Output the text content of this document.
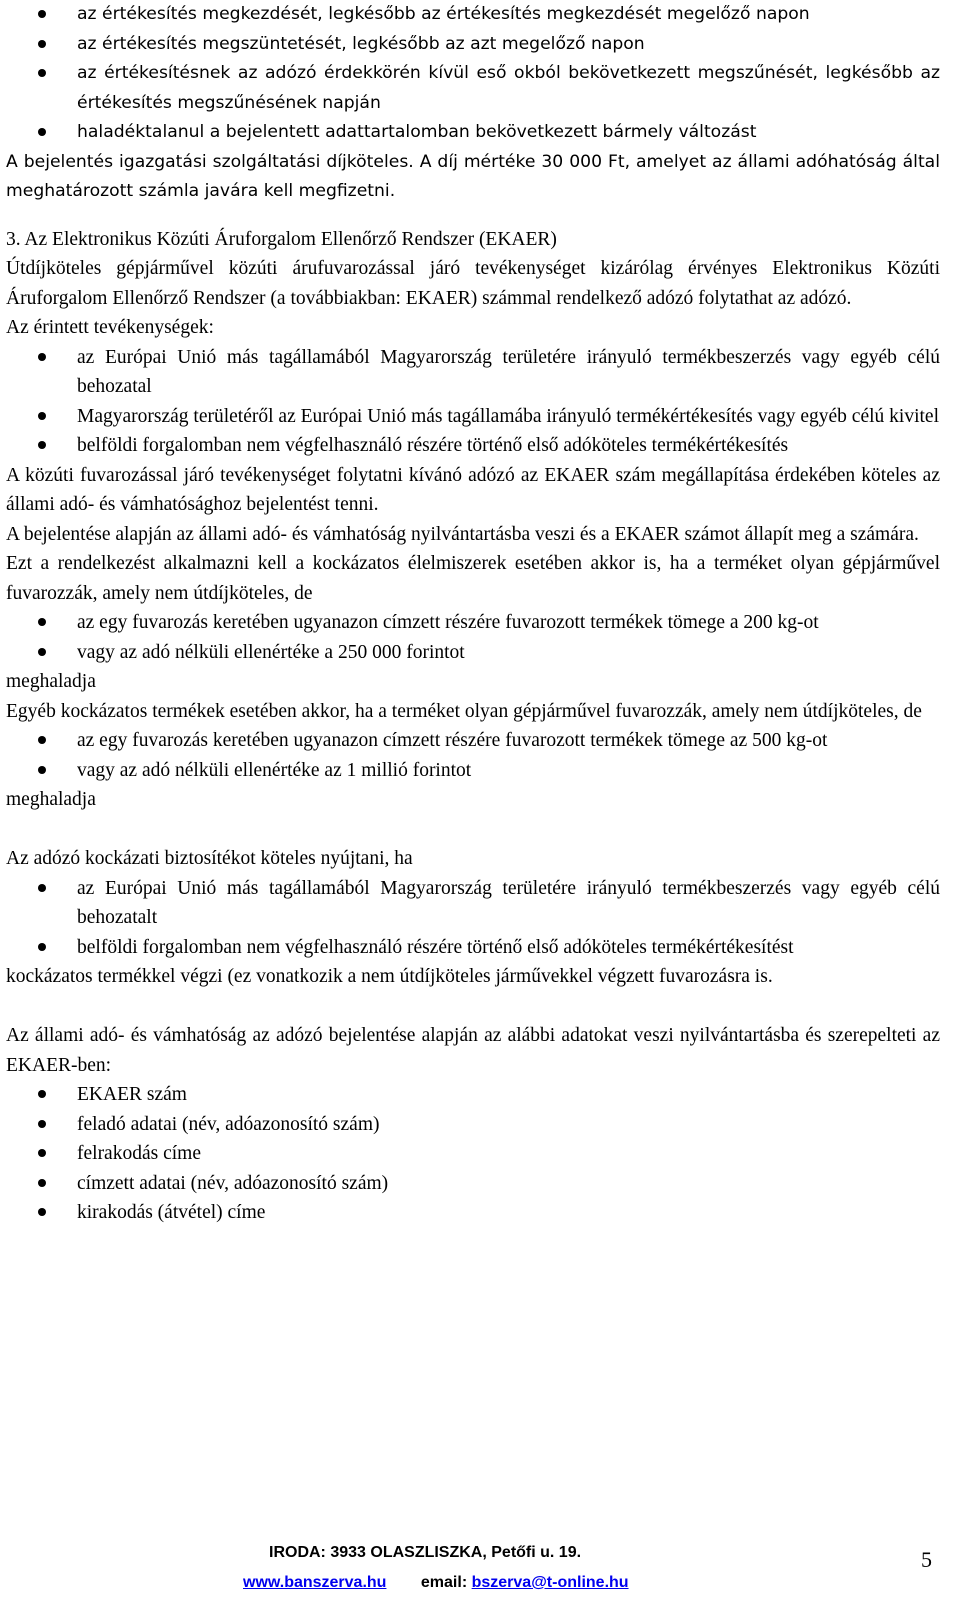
az értékesítés megkezdését, legkésőbb az értékesítés megkezdését megelőző napon
az értékesítés megszüntetését, legkésőbb az azt megelőző napon
az értékesítésnek az adózó érdekkörén kívül eső okból bekövetkezett megszűnését, legkésőbb az értékesítés megszűnésének napján
haladéktalanul a bejelentett adattartalomban bekövetkezett bármely változást

A bejelentés igazgatási szolgáltatási díjköteles. A díj mértéke 30 000 Ft, amelyet az állami adóhatóság által meghatározott számla javára kell megfizetni.

3. Az Elektronikus Közúti Áruforgalom Ellenőrző Rendszer (EKAER)

Útdíjköteles gépjárművel közúti árufuvarozással járó tevékenységet kizárólag érvényes Elektronikus Közúti Áruforgalom Ellenőrző Rendszer (a továbbiakban: EKAER) számmal rendelkező adózó folytathat az adózó.

Az érintett tevékenységek:

az Európai Unió más tagállamából Magyarország területére irányuló termékbeszerzés vagy egyéb célú behozatal
Magyarország területéről az Európai Unió más tagállamába irányuló termékértékesítés vagy egyéb célú kivitel
belföldi forgalomban nem végfelhasználó részére történő első adóköteles termékértékesítés

A közúti fuvarozással járó tevékenységet folytatni kívánó adózó az EKAER szám megállapítása érdekében köteles az állami adó- és vámhatósághoz bejelentést tenni.

A bejelentése alapján az állami adó- és vámhatóság nyilvántartásba veszi és a EKAER számot állapít meg a számára.

Ezt a rendelkezést alkalmazni kell a kockázatos élelmiszerek esetében akkor is, ha a terméket olyan gépjárművel fuvarozzák, amely nem útdíjköteles, de

az egy fuvarozás keretében ugyanazon címzett részére fuvarozott termékek tömege a 200 kg-ot
vagy az adó nélküli ellenértéke a 250 000 forintot

meghaladja

Egyéb kockázatos termékek esetében akkor, ha a terméket olyan gépjárművel fuvarozzák, amely nem útdíjköteles, de

az egy fuvarozás keretében ugyanazon címzett részére fuvarozott termékek tömege az 500 kg-ot
vagy az adó nélküli ellenértéke az 1 millió forintot

meghaladja

Az adózó kockázati biztosítékot köteles nyújtani, ha

az Európai Unió más tagállamából Magyarország területére irányuló termékbeszerzés vagy egyéb célú behozatalt
belföldi forgalomban nem végfelhasználó részére történő első adóköteles termékértékesítést

kockázatos termékkel végzi (ez vonatkozik a nem útdíjköteles járművekkel végzett fuvarozásra is.

Az állami adó- és vámhatóság az adózó bejelentése alapján az alábbi adatokat veszi nyilvántartásba és szerepelteti az EKAER-ben:

EKAER szám
feladó adatai (név, adóazonosító szám)
felrakodás címe
címzett adatai (név, adóazonosító szám)
kirakodás (átvétel) címe
IRODA: 3933 OLASZLISZKA, Petőfi u. 19.
www.banszerva.hu email: bszerva@t-online.hu
5
